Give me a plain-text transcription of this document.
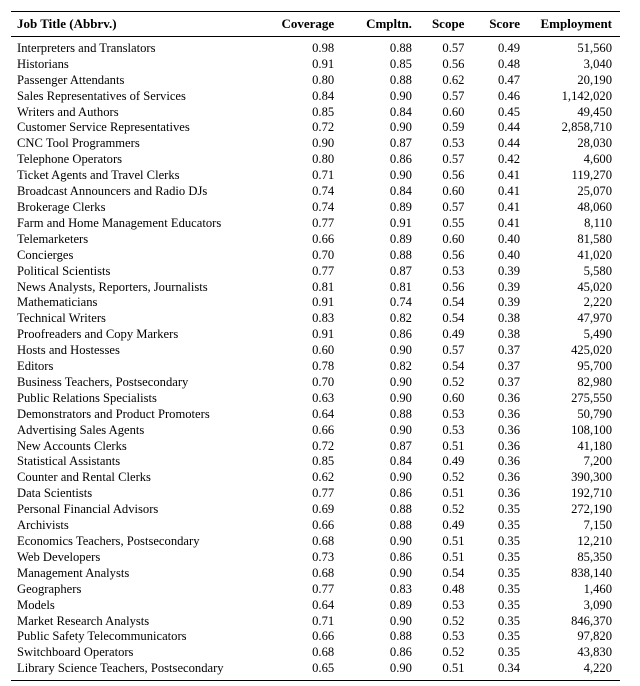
Job Title (Abbrv.)	Coverage	Cmpltn.	Scope	Score	Employment
Interpreters and Translators	0.98	0.88	0.57	0.49	51,560
Historians	0.91	0.85	0.56	0.48	3,040
Passenger Attendants	0.80	0.88	0.62	0.47	20,190
Sales Representatives of Services	0.84	0.90	0.57	0.46	1,142,020
Writers and Authors	0.85	0.84	0.60	0.45	49,450
Customer Service Representatives	0.72	0.90	0.59	0.44	2,858,710
CNC Tool Programmers	0.90	0.87	0.53	0.44	28,030
Telephone Operators	0.80	0.86	0.57	0.42	4,600
Ticket Agents and Travel Clerks	0.71	0.90	0.56	0.41	119,270
Broadcast Announcers and Radio DJs	0.74	0.84	0.60	0.41	25,070
Brokerage Clerks	0.74	0.89	0.57	0.41	48,060
Farm and Home Management Educators	0.77	0.91	0.55	0.41	8,110
Telemarketers	0.66	0.89	0.60	0.40	81,580
Concierges	0.70	0.88	0.56	0.40	41,020
Political Scientists	0.77	0.87	0.53	0.39	5,580
News Analysts, Reporters, Journalists	0.81	0.81	0.56	0.39	45,020
Mathematicians	0.91	0.74	0.54	0.39	2,220
Technical Writers	0.83	0.82	0.54	0.38	47,970
Proofreaders and Copy Markers	0.91	0.86	0.49	0.38	5,490
Hosts and Hostesses	0.60	0.90	0.57	0.37	425,020
Editors	0.78	0.82	0.54	0.37	95,700
Business Teachers, Postsecondary	0.70	0.90	0.52	0.37	82,980
Public Relations Specialists	0.63	0.90	0.60	0.36	275,550
Demonstrators and Product Promoters	0.64	0.88	0.53	0.36	50,790
Advertising Sales Agents	0.66	0.90	0.53	0.36	108,100
New Accounts Clerks	0.72	0.87	0.51	0.36	41,180
Statistical Assistants	0.85	0.84	0.49	0.36	7,200
Counter and Rental Clerks	0.62	0.90	0.52	0.36	390,300
Data Scientists	0.77	0.86	0.51	0.36	192,710
Personal Financial Advisors	0.69	0.88	0.52	0.35	272,190
Archivists	0.66	0.88	0.49	0.35	7,150
Economics Teachers, Postsecondary	0.68	0.90	0.51	0.35	12,210
Web Developers	0.73	0.86	0.51	0.35	85,350
Management Analysts	0.68	0.90	0.54	0.35	838,140
Geographers	0.77	0.83	0.48	0.35	1,460
Models	0.64	0.89	0.53	0.35	3,090
Market Research Analysts	0.71	0.90	0.52	0.35	846,370
Public Safety Telecommunicators	0.66	0.88	0.53	0.35	97,820
Switchboard Operators	0.68	0.86	0.52	0.35	43,830
Library Science Teachers, Postsecondary	0.65	0.90	0.51	0.34	4,220
